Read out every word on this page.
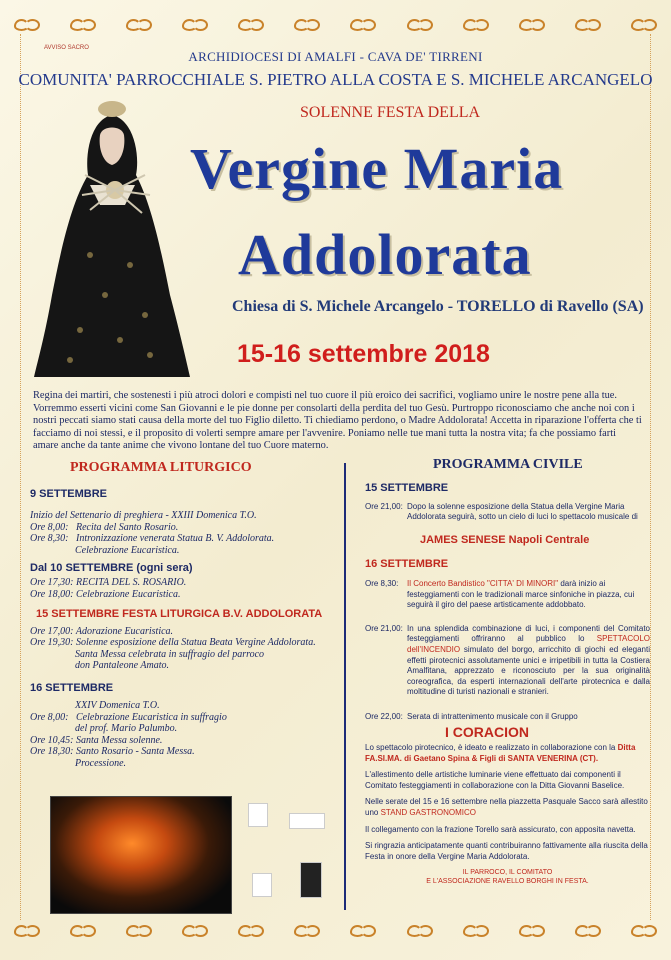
AVVISO SACRO
ARCHIDIOCESI DI AMALFI - CAVA DE' TIRRENI
COMUNITA' PARROCCHIALE S. PIETRO ALLA COSTA E S. MICHELE ARCANGELO
SOLENNE FESTA DELLA
Vergine Maria
Addolorata
Chiesa di S. Michele Arcangelo - TORELLO di Ravello (SA)
15-16 settembre 2018
Regina dei martiri, che sostenesti i più atroci dolori e compisti nel tuo cuore il più eroico dei sacrifici, vogliamo unire le nostre pene alla tue. Vorremmo esserti vicini come San Giovanni e le pie donne per consolarti della perdita del tuo Gesù. Purtroppo riconosciamo che anche noi con i nostri peccati siamo stati causa della morte del tuo Figlio diletto. Ti chiediamo perdono, o Madre Addolorata! Accetta in riparazione l'offerta che ti facciamo di noi stessi, e il proposito di volerti sempre amare per l'avvenire. Poniamo nelle tue mani tutta la nostra vita; fa che possiamo farti amare anche da tante anime che vivono lontane del tuo Cuore materno.
PROGRAMMA LITURGICO	PROGRAMMA CIVILE

9 SETTEMBRE

Inizio del Settenario di preghiera - XXIII Domenica T.O.

Ore 8,00:   Recita del Santo Rosario.

Ore 8,30:   Intronizzazione venerata Statua B. V. Addolorata.

Celebrazione Eucaristica.

Dal 10 SETTEMBRE (ogni sera)

Ore 17,30: RECITA DEL S. ROSARIO.

Ore 18,00: Celebrazione Eucaristica.

15 SETTEMBRE FESTA LITURGICA B.V. ADDOLORATA

Ore 17,00: Adorazione Eucaristica.

Ore 19,30: Solenne esposizione della Statua Beata Vergine Addolorata.

Santa Messa celebrata in suffragio del parroco

don Pantaleone Amato.

16 SETTEMBRE

XXIV Domenica T.O.

Ore 8,00:   Celebrazione Eucaristica in suffragio

del prof. Mario Palumbo.

Ore 10,45: Santa Messa solenne.

Ore 18,30: Santo Rosario - Santa Messa.

Processione.

15 SETTEMBRE

Ore 21,00: Dopo la solenne esposizione della Statua della Vergine Maria Addolorata seguirà, sotto un cielo di luci lo spettacolo musicale di

JAMES SENESE Napoli Centrale

16 SETTEMBRE

Ore 8,30:	Il Concerto Bandistico "CITTA' DI MINORI" darà inizio ai festeggiamenti con le tradizionali marce sinfoniche in piazza, cui seguirà il giro del paese artisticamente addobbato.
Ore 21,00: In una splendida combinazione di luci, i componenti del Comitato festeggiamenti offriranno al pubblico lo SPETTACOLO dell'INCENDIO simulato del borgo, arricchito di giochi ed eleganti effetti pirotecnici assolutamente unici e irripetibili in tutta la Costiera Amalfitana, apprezzato e riconosciuto per la sua originalità coreografica, da esperti internazionali dell'arte pirotecnica e dalla moltitudine di turisti nazionali e stranieri.
Ore 22,00: Serata di intrattenimento musicale con il Gruppo

I CORACION

Lo spettacolo pirotecnico, è ideato e realizzato in collaborazione con la Ditta FA.SI.MA. di Gaetano Spina & Figli di SANTA VENERINA (CT).

L'allestimento delle artistiche luminarie viene effettuato dai componenti il Comitato festeggiamenti in collaborazione con la Ditta Giovanni Baselice.

Nelle serate del 15 e 16 settembre nella piazzetta Pasquale Sacco sarà allestito uno STAND GASTRONOMICO

Il collegamento con la frazione Torello sarà assicurato, con apposita navetta.

Si ringrazia anticipatamente quanti contribuiranno fattivamente alla riuscita della Festa in onore della Vergine Maria Addolorata.

IL PARROCO, IL COMITATO

E L'ASSOCIAZIONE RAVELLO BORGHI IN FESTA.
